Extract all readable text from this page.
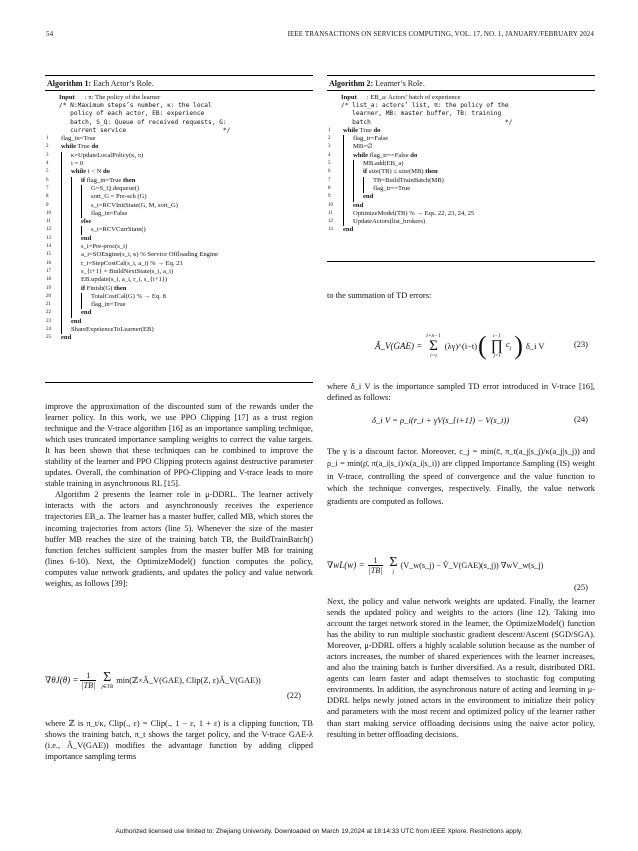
54	IEEE TRANSACTIONS ON SERVICES COMPUTING, VOL. 17, NO. 1, JANUARY/FEBRUARY 2024
Algorithm 1: Each Actor’s Role.
Input : π: The policy of the learner
/* N:Maximum steps’s number, κ: the local
policy of each actor, EB: experience
batch, S_Q: Queue of received requests, G:
current service                          */
1	flag_in=True
2	while True do
3	κ=UpdateLocalPolicy(κ, π)
4	i = 0
5	while i < N do
6	if flag_in=True then
7	G=S_Q.dequeue()
8	sort_G = Pre-sch (G)
9	s_i=RCVInitState(G, M, sort_G)
10	flag_in=False
11	else
12	s_i=RCVCurrState()
13	end
14	s_i=Pre-proc(s_i)
15	a_i=SOEngine(s_i, κ) % Service Offloading Engine
16	r_i=StepCostCal(s_i, a_i) % → Eq. 21
17	s_{i+1} = BuildNextState(s_i, a_i)
18	EB.update(s_i, a_i, r_i, s_{i+1})
19	if Finish(G) then
20	TotalCostCal(G) % → Eq. 8
21	flag_in=True
22	end
23	end
24	ShareExpeienceToLearner(EB)
25	end
Algorithm 2: Learner’s Role.
Input : EB_a: Actors’ batch of experience
/* list_a: actors’ list, π: the policy of the
learner, MB: master buffer, TB: training
batch                                    */
1	while True do
2	flag_tr=False
3	MB=∅
4	while flag_tr==False do
5	MB.add(EB_a)
6	if size(TB) ≤ size(MB) then
7	TB=BuildTrainBatch(MB)
8	flag_tr==True
9	end
10	end
11	OptimizeModel(TB) % → Eqs. 22, 23, 24, 25
12	UpdateActors(list_brokers)
13	end

improve the approximation of the discounted sum of the rewards under the learner policy. In this work, we use PPO Clipping [17] as a trust region technique and the V-trace algorithm [16] as an importance sampling technique, which uses truncated importance sampling weights to correct the value targets. It has been shown that these techniques can be combined to improve the stability of the learner and PPO Clipping protects against destructive parameter updates. Overall, the combination of PPO-Clipping and V-trace leads to more stable training in asynchronous RL [15].

Algorithm 2 presents the learner role in μ-DDRL. The learner actively interacts with the actors and asynchronously receives the experience trajectories EB_a. The learner has a master buffer, called MB, which stores the incoming trajectories from actors (line 5). Whenever the size of the master buffer MB reaches the size of the training batch TB, the BuildTrainBatch() function fetches sufficient samples from the master buffer MB for training (lines 6-10). Next, the OptimizeModel() function computes the policy, computes value network gradients, and updates the policy and value network weights, as follows [39]:

$\nabla\theta J(\theta) = \frac{1}{|TB|}$ Σ
j∈TB
min(ℤ×Â_V(GAE), Clip(Z, ε)Â_V(GAE))
(22)
where ℤ is π_t/κ, Clip(., ε) = Clip(., 1 − ε, 1 + ε) is a clipping function, TB shows the training batch, π_t shows the target policy, and the V-trace GAE-λ (i.e., Â_V(GAE)) modifies the advantage function by adding clipped importance sampling terms
to the summation of TD errors:
Â_V(GAE) =
t+n−1
Σ
i=t
(λγ)^(i−t) ( i−1
∏
j=t
$c_j$ ) δ_i V	(23)
where δ_i V is the importance sampled TD error introduced in V-trace [16], defined as follows:
δ_i V = ρ_i(r_i + γV(s_{i+1}) − V(s_i))	(24)
The γ is a discount factor. Moreover, c_j = min(c̄, π_t(a_j|s_j)/κ(a_j|s_j)) and ρ_i = min(ρ̄, π(a_i|s_i)/κ(a_i|s_i)) are clipped Importance Sampling (IS) weight in V-trace, controlling the speed of convergence and the value function to which the technique converges, respectively. Finally, the value network gradients are computed as follows.
$\nabla wL(w) = \frac{1}{|TB|}$ Σ
j
(V_w(s_j) − V̂_V(GAE)(s_j)) ∇wV_w(s_j)
(25)
Next, the policy and value network weights are updated. Finally, the learner sends the updated policy and weights to the actors (line 12). Taking into account the target network stored in the learner, the OptimizeModel() function has the ability to run multiple stochastic gradient descent/Ascent (SGD/SGA). Moreover, μ-DDRL offers a highly scalable solution because as the number of actors increases, the number of shared experiences with the learner increases, and also the training batch is further diversified. As a result, distributed DRL agents can learn faster and adapt themselves to stochastic fog computing environments. In addition, the asynchronous nature of acting and learning in μ-DDRL helps newly joined actors in the environment to initialize their policy and parameters with the most recent and optimized policy of the learner rather than start making service offloading decisions using the naive actor policy, resulting in better offloading decisions.
Authorized licensed use limited to: Zhejiang University. Downloaded on March 19,2024 at 18:14:33 UTC from IEEE Xplore. Restrictions apply.
